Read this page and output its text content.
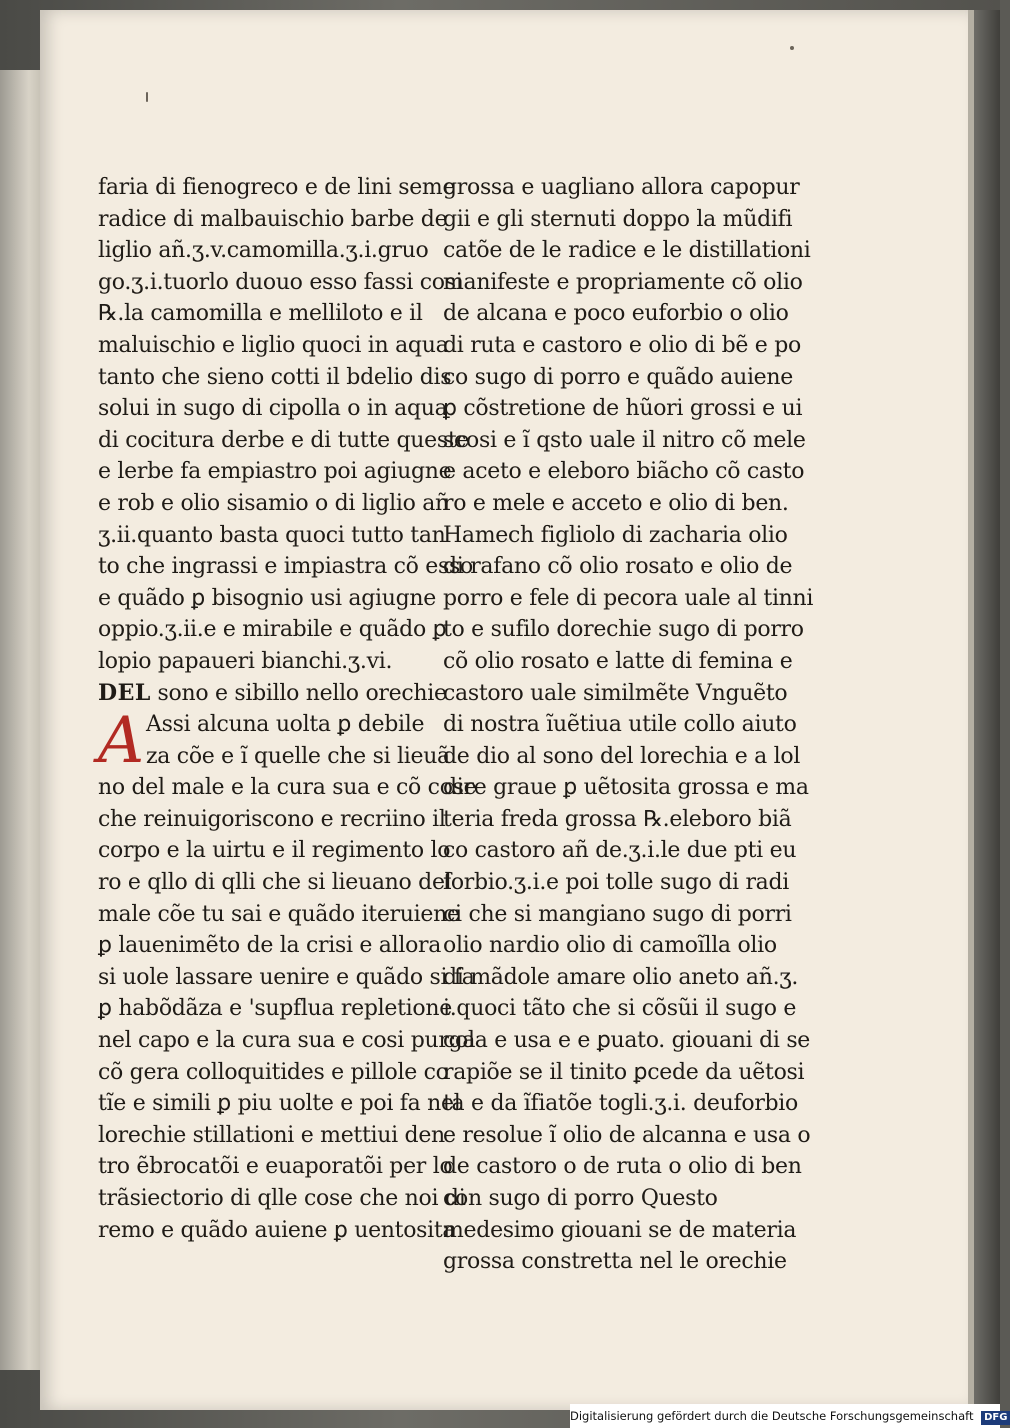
faria di fienogreco e de lini seme
radice di malbauischio barbe de
liglio añ.ʒ.v.camomilla.ʒ.i.gruo
go.ʒ.i.tuorlo duouo esso fassi cosi
℞.la camomilla e melliloto e il
maluischio e liglio quoci in aqua
tanto che sieno cotti il bdelio dis
solui in sugo di cipolla o in aqua
di cocitura derbe e di tutte queste
e lerbe fa empiastro poi agiugne
e rob e olio sisamio o di liglio añ
ʒ.ii.quanto basta quoci tutto tan
to che ingrassi e impiastra cõ esso
e quãdo ꝑ bisognio usi agiugne
oppio.ʒ.ii.e e mirabile e quãdo ꝑ
lopio papaueri bianchi.ʒ.vi.
DEL sono e sibillo nello orechie
A Assi alcuna uolta ꝑ debile
za cõe e ĩ quelle che si lieuã
no del male e la cura sua e cõ cose
che reinuigoriscono e recriino il
corpo e la uirtu e il regimento lo
ro e qllo di qlli che si lieuano del
male cõe tu sai e quãdo iteruiene
ꝑ lauenimẽto de la crisi e allora
si uole lassare uenire e quãdo si fa
ꝑ habõdãza e 'supflua repletione
nel capo e la cura sua e cosi purga
cõ gera colloquitides e pillole co
tĩe e simili ꝑ piu uolte e poi fa nel
lorechie stillationi e mettiui den
tro ẽbrocatõi e euaporatõi per lo
trãsiectorio di qlle cose che noi di
remo e quãdo auiene ꝑ uentosita
grossa e uagliano allora capopur
gii e gli sternuti doppo la mũdifi
catõe de le radice e le distillationi
manifeste e propriamente cõ olio
de alcana e poco euforbio o olio
di ruta e castoro e olio di bẽ e po
co sugo di porro e quãdo auiene
ꝑ cõstretione de hũori grossi e ui
scosi e ĩ qsto uale il nitro cõ mele
e aceto e eleboro biãcho cõ casto
ro e mele e acceto e olio di ben.
Hamech figliolo di zacharia olio
di rafano cõ olio rosato e olio de
porro e fele di pecora uale al tinni
to e sufilo dorechie sugo di porro
cõ olio rosato e latte di femina e
castoro uale similmẽte Vnguẽto
di nostra ĩuẽtiua utile collo aiuto
de dio al sono del lorechia e a lol
dire graue ꝑ uẽtosita grossa e ma
teria freda grossa ℞.eleboro biã
co castoro añ de.ʒ.i.le due pti eu
forbio.ʒ.i.e poi tolle sugo di radi
ci che si mangiano sugo di porri
olio nardio olio di camoĩlla olio
di mãdole amare olio aneto añ.ʒ.
i.quoci tãto che si cõsũi il sugo e
cola e usa e e ꝑuato. giouani di se
rapiõe se il tinito ꝑcede da uẽtosi
ta e da ĩfiatõe togli.ʒ.i. deuforbio
e resolue ĩ olio de alcanna e usa o
de castoro o de ruta o olio di ben
con sugo di porro Questo
medesimo giouani se de materia
grossa constretta nel le orechie
Digitalisierung gefördert durch die Deutsche Forschungsgemeinschaft DFG
